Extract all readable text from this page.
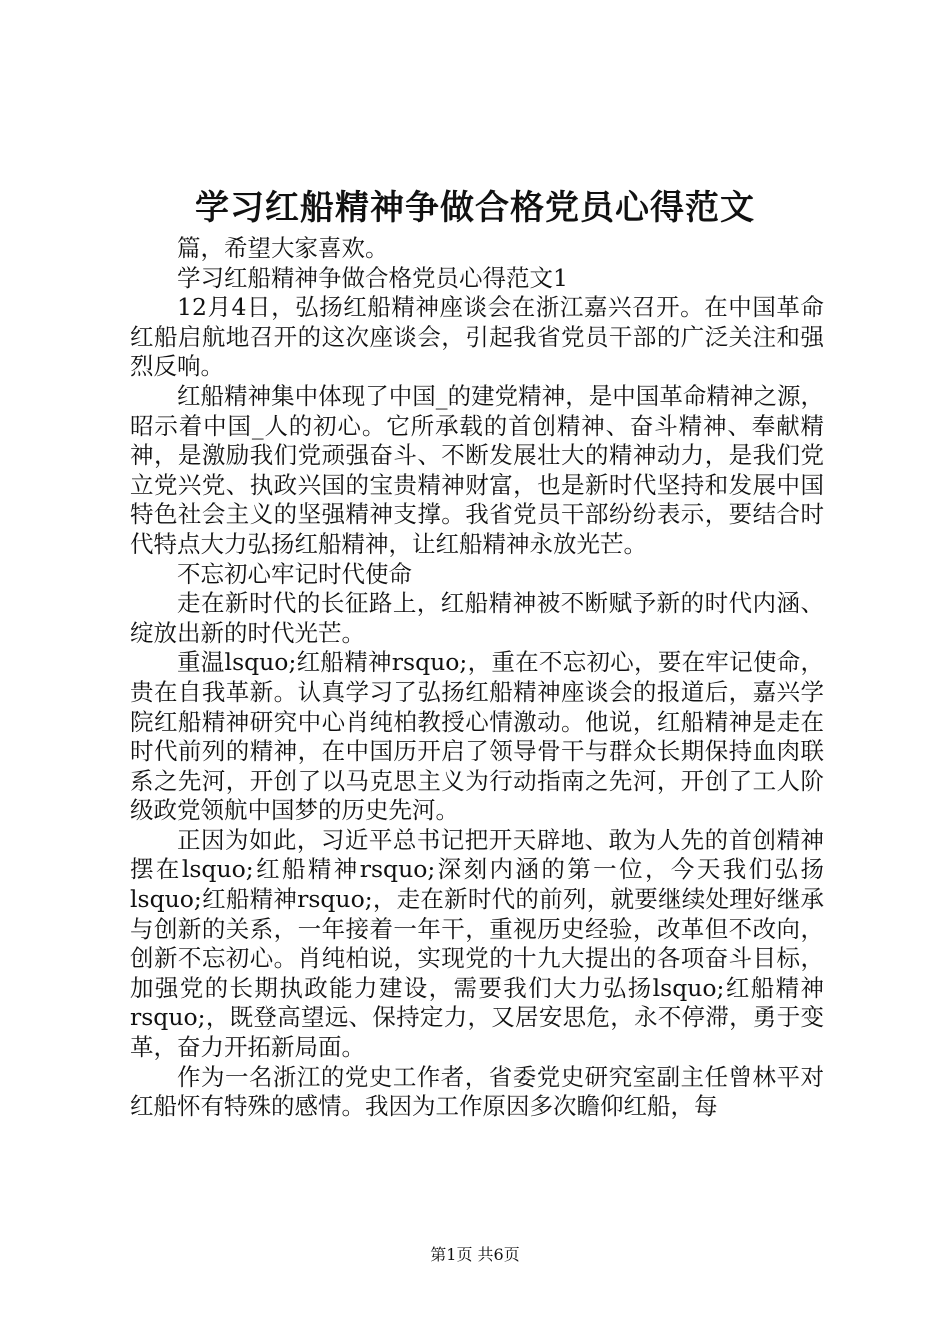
学习红船精神争做合格党员心得范文

篇，希望大家喜欢。

学习红船精神争做合格党员心得范文1

12月4日，弘扬红船精神座谈会在浙江嘉兴召开。在中国革命红船启航地召开的这次座谈会，引起我省党员干部的广泛关注和强烈反响。

红船精神集中体现了中国_的建党精神，是中国革命精神之源，昭示着中国_人的初心。它所承载的首创精神、奋斗精神、奉献精神，是激励我们党顽强奋斗、不断发展壮大的精神动力，是我们党立党兴党、执政兴国的宝贵精神财富，也是新时代坚持和发展中国特色社会主义的坚强精神支撑。我省党员干部纷纷表示，要结合时代特点大力弘扬红船精神，让红船精神永放光芒。

不忘初心牢记时代使命

走在新时代的长征路上，红船精神被不断赋予新的时代内涵、绽放出新的时代光芒。

重温lsquo;红船精神rsquo;，重在不忘初心，要在牢记使命，贵在自我革新。认真学习了弘扬红船精神座谈会的报道后，嘉兴学院红船精神研究中心肖纯柏教授心情激动。他说，红船精神是走在时代前列的精神，在中国历开启了领导骨干与群众长期保持血肉联系之先河，开创了以马克思主义为行动指南之先河，开创了工人阶级政党领航中国梦的历史先河。

正因为如此，习近平总书记把开天辟地、敢为人先的首创精神摆在lsquo;红船精神rsquo;深刻内涵的第一位，今天我们弘扬lsquo;红船精神rsquo;，走在新时代的前列，就要继续处理好继承与创新的关系，一年接着一年干，重视历史经验，改革但不改向，创新不忘初心。肖纯柏说，实现党的十九大提出的各项奋斗目标，加强党的长期执政能力建设，需要我们大力弘扬lsquo;红船精神rsquo;，既登高望远、保持定力，又居安思危，永不停滞，勇于变革，奋力开拓新局面。

作为一名浙江的党史工作者，省委党史研究室副主任曾林平对红船怀有特殊的感情。我因为工作原因多次瞻仰红船，每

第1页 共6页
